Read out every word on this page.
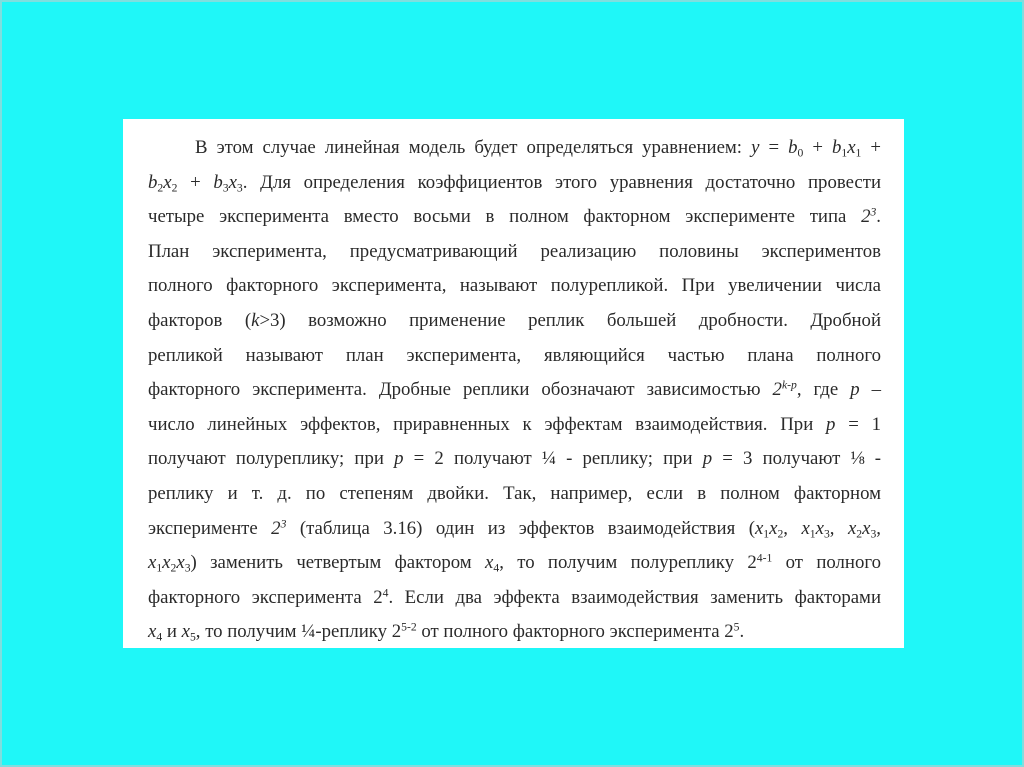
В этом случае линейная модель будет определяться уравнением: $y = b_0 + b_1x_1$ +
$b_2x_2 + b_3x_3$. Для определения коэффициентов этого уравнения достаточно провести
четыре эксперимента вместо восьми в полном факторном эксперименте типа $2^3$.
План эксперимента, предусматривающий реализацию половины экспериментов
полного факторного эксперимента, называют полурепликой. При увеличении числа
факторов (k>3) возможно применение реплик большей дробности. Дробной
репликой называют план эксперимента, являющийся частью плана полного
факторного эксперимента. Дробные реплики обозначают зависимостью 2$^{k-p}$, где p –
число линейных эффектов, приравненных к эффектам взаимодействия. При p = 1
получают полуреплику; при p = 2 получают ¼ - реплику; при p = 3 получают ⅛ -
реплику и т. д. по степеням двойки. Так, например, если в полном факторном
эксперименте $2^3$ (таблица 3.16) один из эффектов взаимодействия ($x_1x_2$, $x_1x_3$, $x_2x_3$,
$x_1x_2x_3$) заменить четвертым фактором $x_4$, то получим полуреплику 2$^{4-1}$ от полного
факторного эксперимента $2^4$. Если два эффекта взаимодействия заменить факторами
$x_4$ и $x_5$, то получим ¼-реплику 2$^{5-2}$ от полного факторного эксперимента $2^5$.
